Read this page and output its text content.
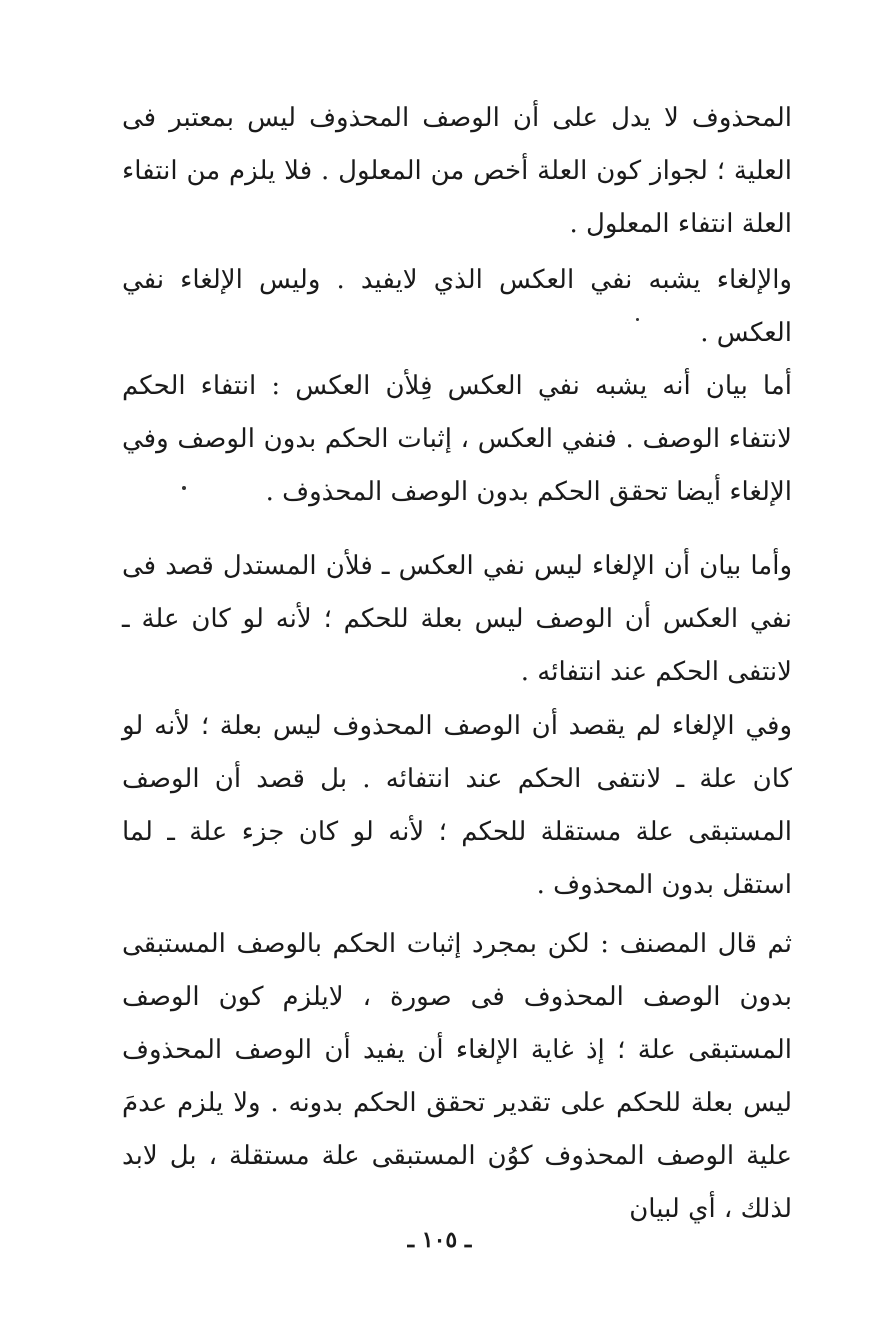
المحذوف لا يدل على أن الوصف المحذوف ليس بمعتبر فى العلية ؛ لجواز كون العلة أخص من المعلول . فلا يلزم من انتفاء العلة انتفاء المعلول .

والإلغاء يشبه نفي العكس الذي لايفيد . وليس الإلغاء نفي العكس .

أما بيان أنه يشبه نفي العكس فِلأن العكس : انتفاء الحكم لانتفاء الوصف . فنفي العكس ، إثبات الحكم بدون الوصف وفي الإلغاء أيضا تحقق الحكم بدون الوصف المحذوف .

وأما بيان أن الإلغاء ليس نفي العكس ـ فلأن المستدل قصد فى نفي العكس أن الوصف ليس بعلة للحكم ؛ لأنه لو كان علة ـ لانتفى الحكم عند انتفائه .

وفي الإلغاء لم يقصد أن الوصف المحذوف ليس بعلة ؛ لأنه لو كان علة ـ لانتفى الحكم عند انتفائه . بل قصد أن الوصف المستبقى علة مستقلة للحكم ؛ لأنه لو كان جزء علة ـ لما استقل بدون المحذوف .

ثم قال المصنف : لكن بمجرد إثبات الحكم بالوصف المستبقى بدون الوصف المحذوف فى صورة ، لايلزم كون الوصف المستبقى علة ؛ إذ غاية الإلغاء أن يفيد أن الوصف المحذوف ليس بعلة للحكم على تقدير تحقق الحكم بدونه . ولا يلزم عدمَ علية الوصف المحذوف كوُن المستبقى علة مستقلة ، بل لابد لذلك ، أي لبيان

ـ ١٠٥ ـ
